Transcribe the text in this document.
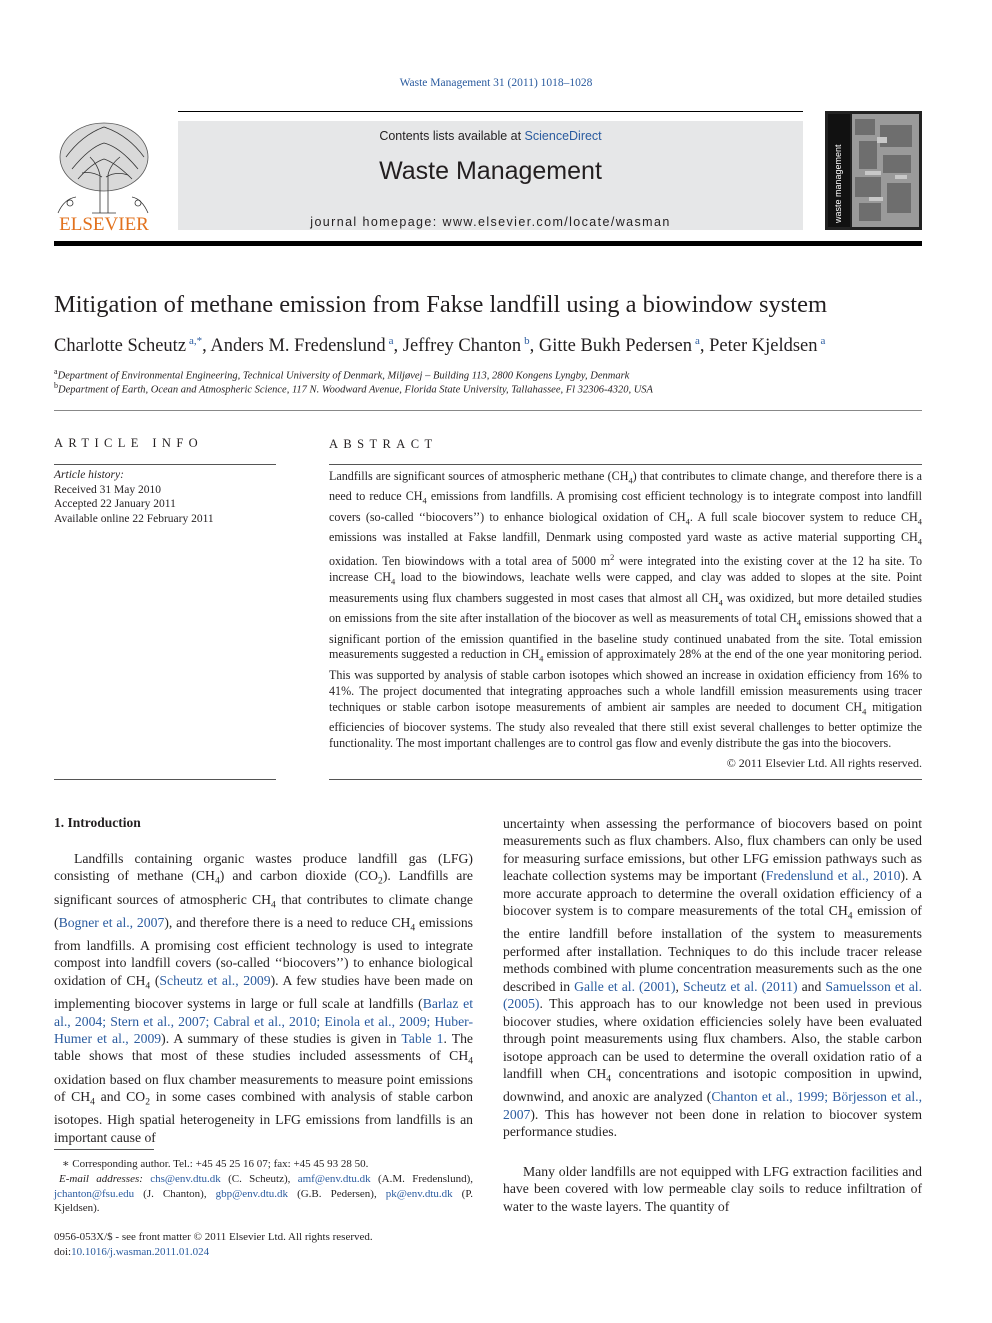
Waste Management 31 (2011) 1018–1028
ELSEVIER
Contents lists available at ScienceDirect
Waste Management
journal homepage: www.elsevier.com/locate/wasman	waste management
Mitigation of methane emission from Fakse landfill using a biowindow system
Charlotte Scheutz $^{a,*}$, Anders M. Fredenslund $^a$, Jeffrey Chanton $^b$, Gitte Bukh Pedersen $^a$, Peter Kjeldsen $^a$
$^a$Department of Environmental Engineering, Technical University of Denmark, Miljøvej – Building 113, 2800 Kongens Lyngby, Denmark
$^b$Department of Earth, Ocean and Atmospheric Science, 117 N. Woodward Avenue, Florida State University, Tallahassee, Fl 32306-4320, USA
ARTICLE INFO
Article history:
Received 31 May 2010
Accepted 22 January 2011
Available online 22 February 2011
ABSTRACT

Landfills are significant sources of atmospheric methane $(CH_4)$ that contributes to climate change, and therefore there is a need to reduce $CH_4$ emissions from landfills. A promising cost efficient technology is to integrate compost into landfill covers (so-called ‘‘biocovers’’) to enhance biological oxidation of $CH_4$. A full scale biocover system to reduce $CH_4$ emissions was installed at Fakse landfill, Denmark using composted yard waste as active material supporting $CH_4$ oxidation. Ten biowindows with a total area of 5000 $m^2$ were integrated into the existing cover at the 12 ha site. To increase $CH_4$ load to the biowindows, leachate wells were capped, and clay was added to slopes at the site. Point measurements using flux chambers suggested in most cases that almost all $CH_4$ was oxidized, but more detailed studies on emissions from the site after installation of the biocover as well as measurements of total $CH_4$ emissions showed that a significant portion of the emission quantified in the baseline study continued unabated from the site. Total emission measurements suggested a reduction in $CH_4$ emission of approximately 28% at the end of the one year monitoring period. This was supported by analysis of stable carbon isotopes which showed an increase in oxidation efficiency from 16% to 41%. The project documented that integrating approaches such a whole landfill emission measurements using tracer techniques or stable carbon isotope measurements of ambient air samples are needed to document $CH_4$ mitigation efficiencies of biocover systems. The study also revealed that there still exist several challenges to better optimize the functionality. The most important challenges are to control gas flow and evenly distribute the gas into the biocovers.

© 2011 Elsevier Ltd. All rights reserved.
1. Introduction

Landfills containing organic wastes produce landfill gas (LFG) consisting of methane $(CH_4)$ and carbon dioxide $(CO_2)$. Landfills are significant sources of atmospheric $CH_4$ that contributes to climate change (Bogner et al., 2007), and therefore there is a need to reduce $CH_4$ emissions from landfills. A promising cost efficient technology is used to integrate compost into landfill covers (so-called ‘‘biocovers’’) to enhance biological oxidation of $CH_4$ (Scheutz et al., 2009). A few studies have been made on implementing biocover systems in large or full scale at landfills (Barlaz et al., 2004; Stern et al., 2007; Cabral et al., 2010; Einola et al., 2009; Huber-Humer et al., 2009). A summary of these studies is given in Table 1. The table shows that most of these studies included assessments of $CH_4$ oxidation based on flux chamber measurements to measure point emissions of $CH_4$ and $CO_2$ in some cases combined with analysis of stable carbon isotopes. High spatial heterogeneity in LFG emissions from landfills is an important cause of

uncertainty when assessing the performance of biocovers based on point measurements such as flux chambers. Also, flux chambers can only be used for measuring surface emissions, but other LFG emission pathways such as leachate collection systems may be important (Fredenslund et al., 2010). A more accurate approach to determine the overall oxidation efficiency of a biocover system is to compare measurements of the total $CH_4$ emission of the entire landfill before installation of the system to measurements performed after installation. Techniques to do this include tracer release methods combined with plume concentration measurements such as the one described in Galle et al. (2001), Scheutz et al. (2011) and Samuelsson et al. (2005). This approach has to our knowledge not been used in previous biocover studies, where oxidation efficiencies solely have been evaluated through point measurements using flux chambers. Also, the stable carbon isotope approach can be used to determine the overall oxidation ratio of a landfill when $CH_4$ concentrations and isotopic composition in upwind, downwind, and anoxic are analyzed (Chanton et al., 1999; Börjesson et al., 2007). This has however not been done in relation to biocover system performance studies.

Many older landfills are not equipped with LFG extraction facilities and have been covered with low permeable clay soils to reduce infiltration of water to the waste layers. The quantity of

∗ Corresponding author. Tel.: +45 45 25 16 07; fax: +45 45 93 28 50.
E-mail addresses: chs@env.dtu.dk (C. Scheutz), amf@env.dtu.dk (A.M. Fredenslund), jchanton@fsu.edu (J. Chanton), gbp@env.dtu.dk (G.B. Pedersen), pk@env.dtu.dk (P. Kjeldsen).
0956-053X/$ - see front matter © 2011 Elsevier Ltd. All rights reserved.
doi:10.1016/j.wasman.2011.01.024
